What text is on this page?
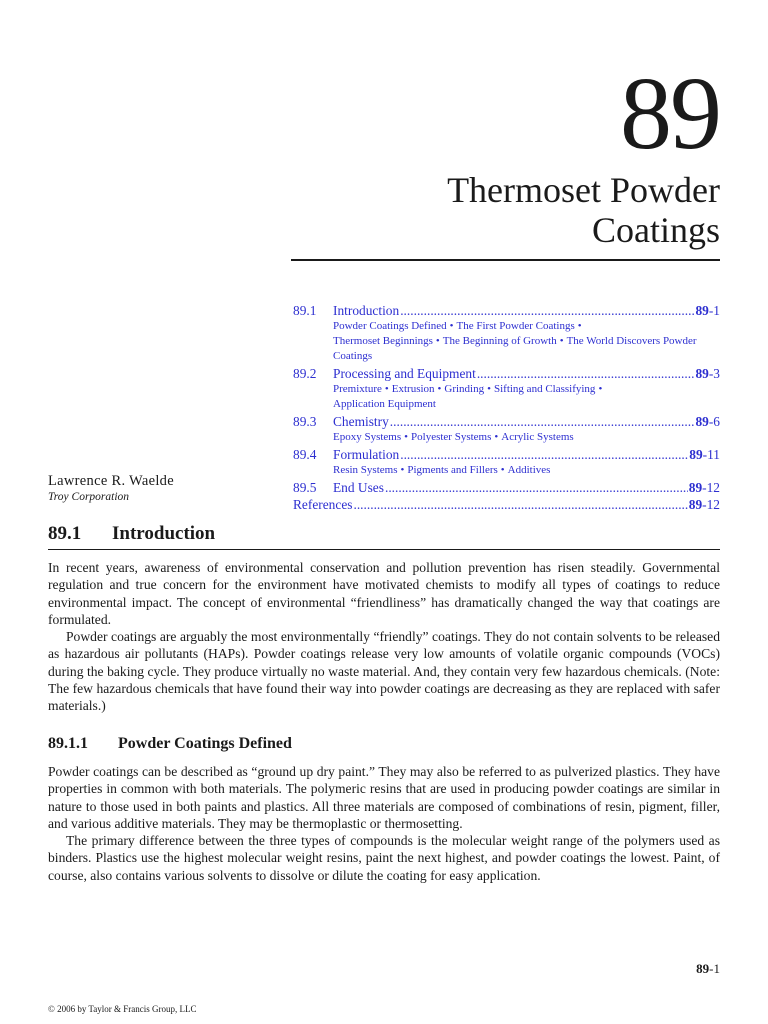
89
Thermoset Powder
Coatings
89.1	Introduction .....	89-1
Powder Coatings Defined • The First Powder Coatings •
Thermoset Beginnings • The Beginning of Growth • The World Discovers Powder Coatings
89.2	Processing and Equipment .....	89-3
Premixture • Extrusion • Grinding • Sifting and Classifying •
Application Equipment
89.3	Chemistry .....	89-6
Epoxy Systems • Polyester Systems • Acrylic Systems
89.4	Formulation .....	89-11
Resin Systems • Pigments and Fillers • Additives
89.5	End Uses .....	89-12
References .....	89-12
Lawrence R. Waelde
Troy Corporation
89.1 Introduction

In recent years, awareness of environmental conservation and pollution prevention has risen steadily. Governmental regulation and true concern for the environment have motivated chemists to modify all types of coatings to reduce environmental impact. The concept of environmental “friendliness” has dramatically changed the way that coatings are formulated.

Powder coatings are arguably the most environmentally “friendly” coatings. They do not contain solvents to be released as hazardous air pollutants (HAPs). Powder coatings release very low amounts of volatile organic compounds (VOCs) during the baking cycle. They produce virtually no waste material. And, they contain very few hazardous chemicals. (Note: The few hazardous chemicals that have found their way into powder coatings are decreasing as they are replaced with safer materials.)

89.1.1 Powder Coatings Defined

Powder coatings can be described as “ground up dry paint.” They may also be referred to as pulverized plastics. They have properties in common with both materials. The polymeric resins that are used in producing powder coatings are similar in nature to those used in both paints and plastics. All three materials are composed of combinations of resin, pigment, filler, and various additive materials. They may be thermoplastic or thermosetting.

The primary difference between the three types of compounds is the molecular weight range of the polymers used as binders. Plastics use the highest molecular weight resins, paint the next highest, and powder coatings the lowest. Paint, of course, also contains various solvents to dissolve or dilute the coating for easy application.

89-1
© 2006 by Taylor & Francis Group, LLC
